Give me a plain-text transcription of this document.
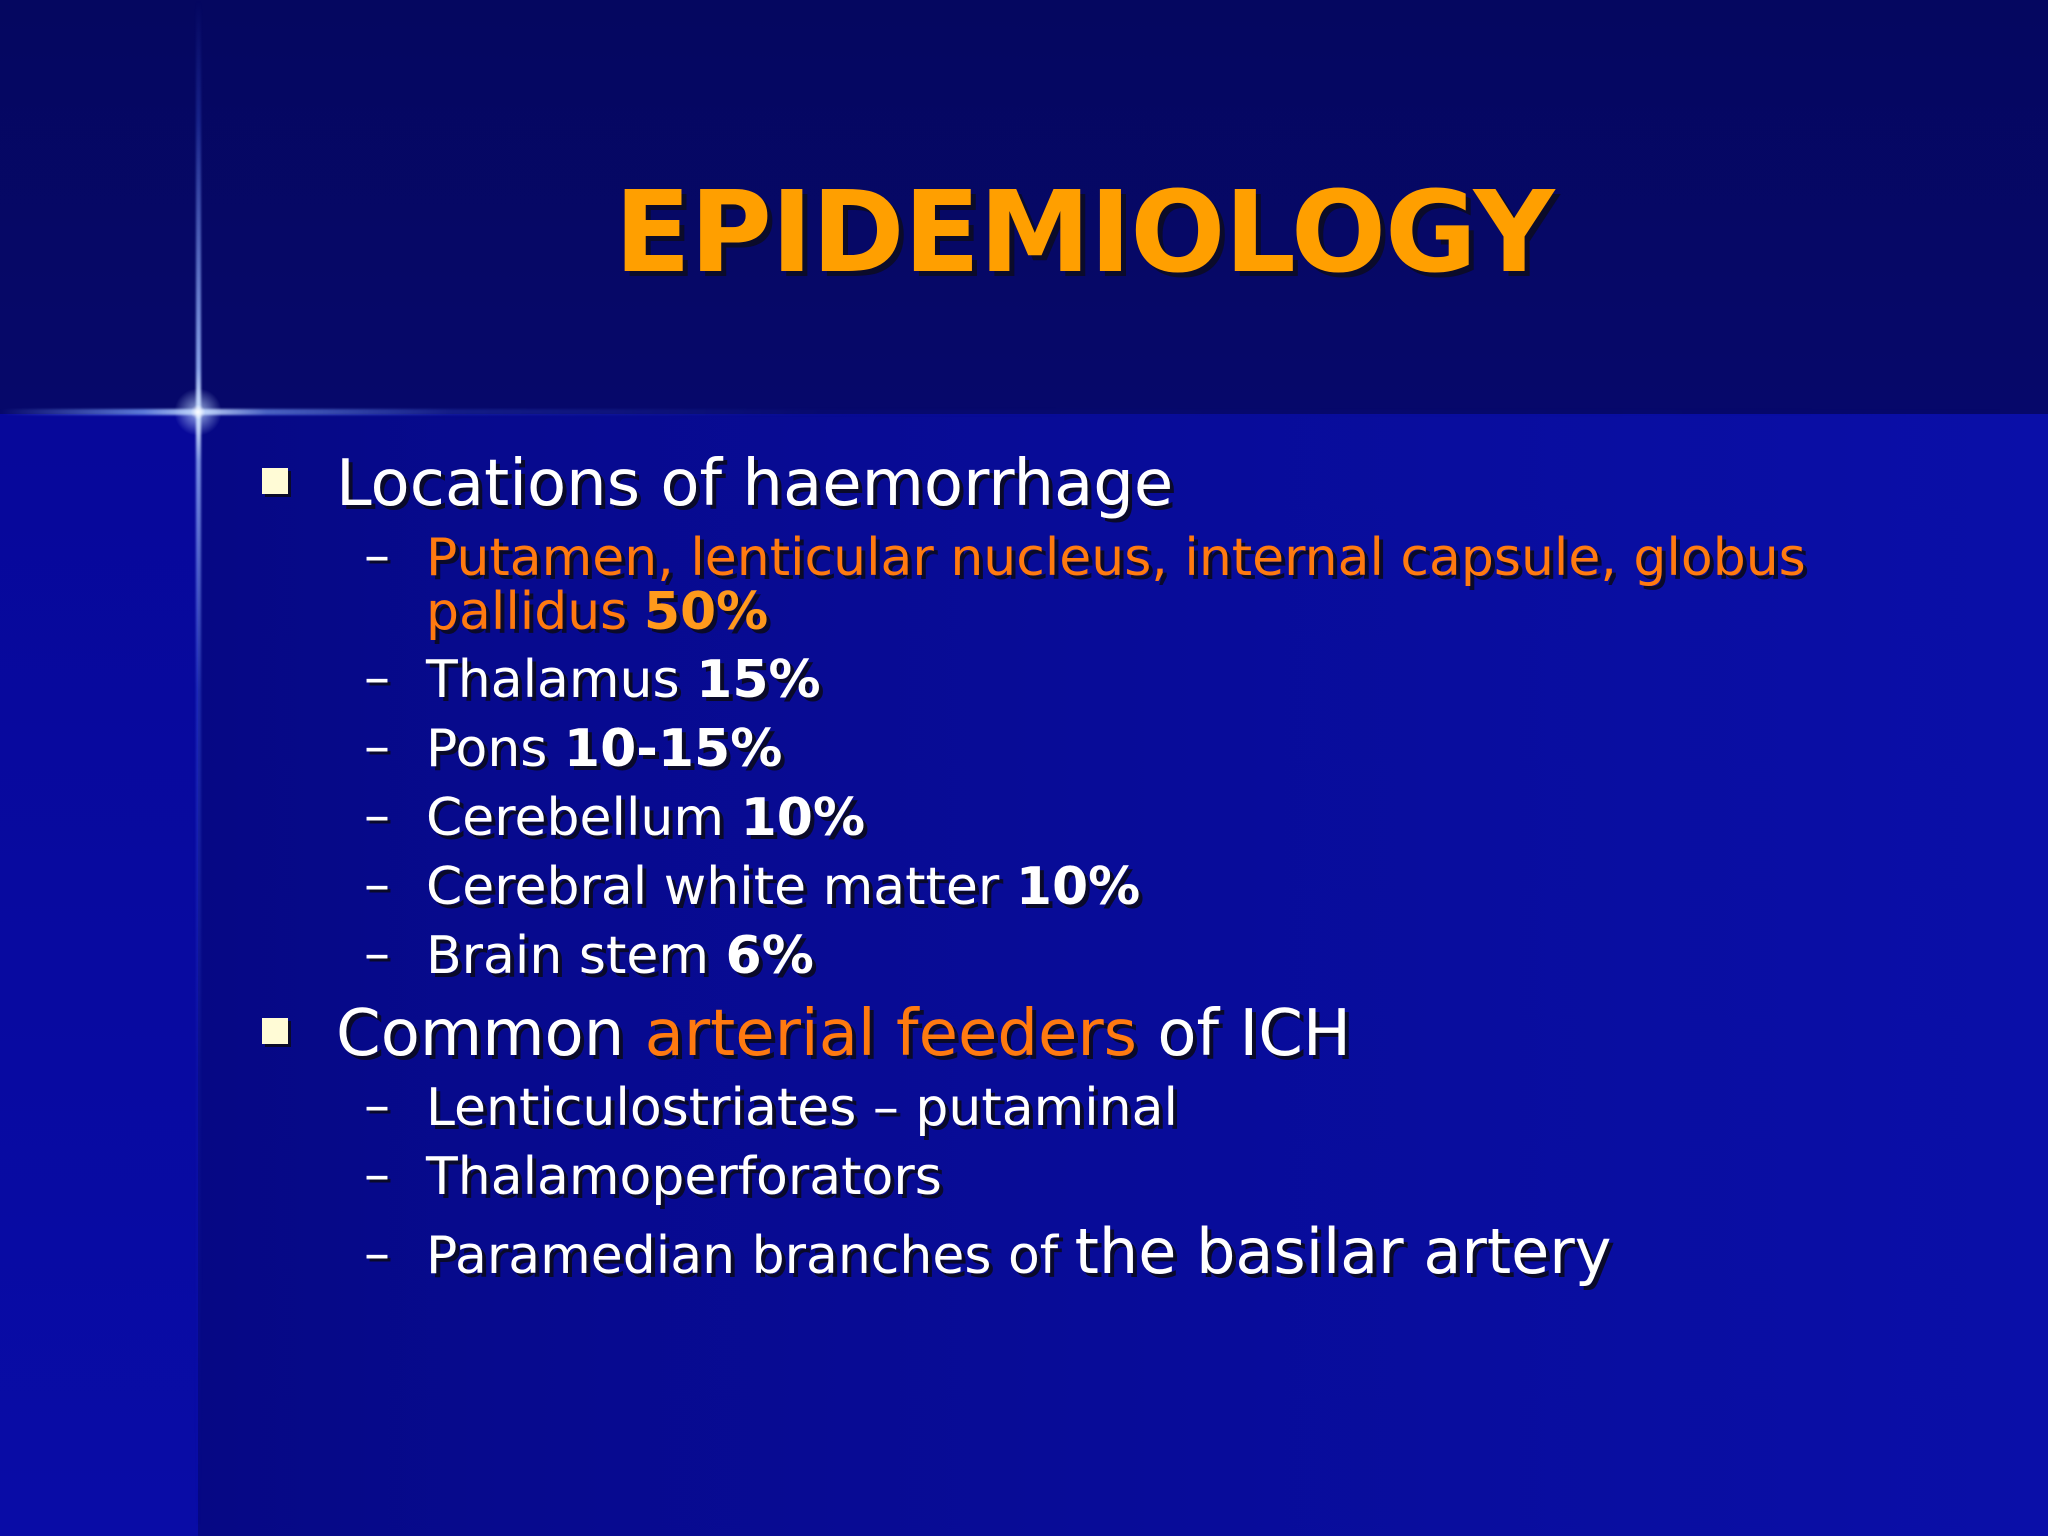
EPIDEMIOLOGY
Locations of haemorrhage
– Putamen, lenticular nucleus, internal capsule, globus
pallidus 50%
– Thalamus 15%
– Pons 10-15%
– Cerebellum 10%
– Cerebral white matter 10%
– Brain stem 6%
Common arterial feeders of ICH
– Lenticulostriates – putaminal
– Thalamoperforators
– Paramedian branches of the basilar artery
